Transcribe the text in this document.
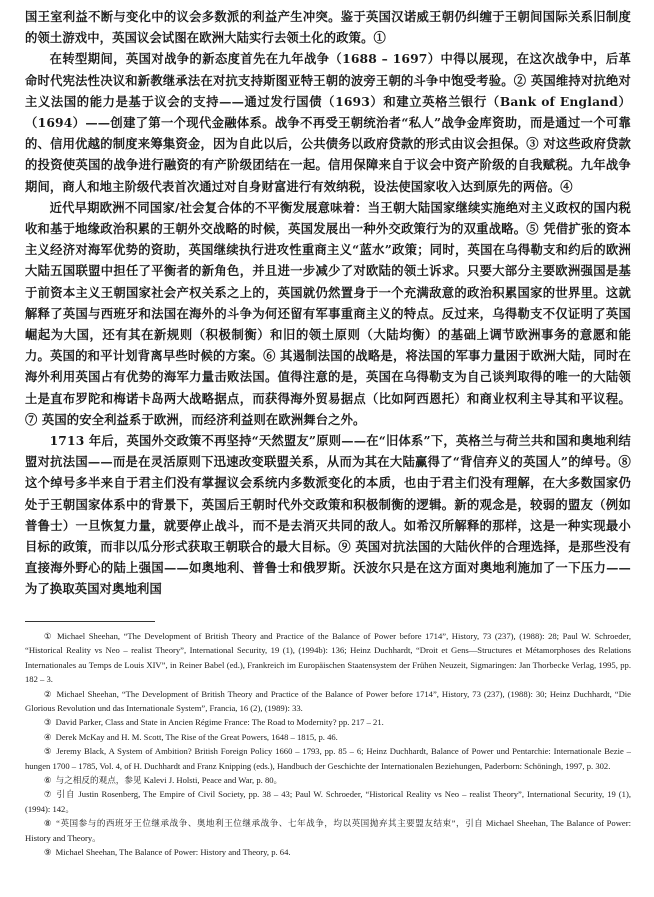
国王室利益不断与变化中的议会多数派的利益产生冲突。鉴于英国汉诺威王朝仍纠缠于王朝间国际关系旧制度的领土游戏中，英国议会试图在欧洲大陆实行去领土化的政策。①

在转型期间，英国对战争的新态度首先在九年战争（1688 – 1697）中得以展现，在这次战争中，后革命时代宪法性决议和新教继承法在对抗支持斯图亚特王朝的波旁王朝的斗争中饱受考验。② 英国维持对抗绝对主义法国的能力是基于议会的支持——通过发行国债（1693）和建立英格兰银行（Bank of England）（1694）——创建了第一个现代金融体系。战争不再受王朝统治者“私人”战争金库资助，而是通过一个可靠的、信用优越的制度来筹集资金，因为自此以后，公共债务以政府贷款的形式由议会担保。③ 对这些政府贷款的投资使英国的战争进行融资的有产阶级团结在一起。信用保障来自于议会中资产阶级的自我赋税。九年战争期间，商人和地主阶级代表首次通过对自身财富进行有效纳税，设法使国家收入达到原先的两倍。④

近代早期欧洲不同国家/社会复合体的不平衡发展意味着：当王朝大陆国家继续实施绝对主义政权的国内税收和基于地缘政治积累的王朝外交战略的时候，英国发展出一种外交政策行为的双重战略。⑤ 凭借扩张的资本主义经济对海军优势的资助，英国继续执行进攻性重商主义“蓝水”政策；同时，英国在乌得勒支和约后的欧洲大陆五国联盟中担任了平衡者的新角色，并且进一步减少了对欧陆的领土诉求。只要大部分主要欧洲强国是基于前资本主义王朝国家社会产权关系之上的，英国就仍然置身于一个充满敌意的政治积累国家的世界里。这就解释了英国与西班牙和法国在海外的斗争为何还留有军事重商主义的特点。反过来，乌得勒支不仅证明了英国崛起为大国，还有其在新规则（积极制衡）和旧的领土原则（大陆均衡）的基础上调节欧洲事务的意愿和能力。英国的和平计划背离早些时候的方案。⑥ 其遏制法国的战略是，将法国的军事力量困于欧洲大陆，同时在海外利用英国占有优势的海军力量击败法国。值得注意的是，英国在乌得勒支为自己谈判取得的唯一的大陆领土是直布罗陀和梅诺卡岛两大战略据点，而获得海外贸易据点（比如阿西恩托）和商业权利主导其和平议程。⑦ 英国的安全利益系于欧洲，而经济利益则在欧洲舞台之外。

1713 年后，英国外交政策不再坚持“天然盟友”原则——在“旧体系”下，英格兰与荷兰共和国和奥地利结盟对抗法国——而是在灵活原则下迅速改变联盟关系，从而为其在大陆赢得了“背信弃义的英国人”的绰号。⑧ 这个绰号多半来自于君主们没有掌握议会系统内多数派变化的本质，也由于君主们没有理解，在大多数国家仍处于王朝国家体系中的背景下，英国后王朝时代外交政策和积极制衡的逻辑。新的观念是，较弱的盟友（例如普鲁士）一旦恢复力量，就要停止战斗，而不是去消灭共同的敌人。如希汉所解释的那样，这是一种实现最小目标的政策，而非以瓜分形式获取王朝联合的最大目标。⑨ 英国对抗法国的大陆伙伴的合理选择，是那些没有直接海外野心的陆上强国——如奥地利、普鲁士和俄罗斯。沃波尔只是在这方面对奥地利施加了一下压力——为了换取英国对奥地利国

① Michael Sheehan, “The Development of British Theory and Practice of the Balance of Power before 1714”, History, 73 (237), (1988): 28; Paul W. Schroeder, “Historical Reality vs Neo – realist Theory”, International Security, 19 (1), (1994b): 136; Heinz Duchhardt, “Droit et Gens—Structures et Métamorphoses des Relations Internationales au Temps de Louis XIV”, in Reiner Babel (ed.), Frankreich im Europäischen Staatensystem der Frühen Neuzeit, Sigmaringen: Jan Thorbecke Verlag, 1995, pp. 182 – 3.

② Michael Sheehan, “The Development of British Theory and Practice of the Balance of Power before 1714”, History, 73 (237), (1988): 30; Heinz Duchhardt, “Die Glorious Revolution und das Internationale System”, Francia, 16 (2), (1989): 33.

③ David Parker, Class and State in Ancien Régime France: The Road to Modernity? pp. 217 – 21.

④ Derek McKay and H. M. Scott, The Rise of the Great Powers, 1648 – 1815, p. 46.

⑤ Jeremy Black, A System of Ambition? British Foreign Policy 1660 – 1793, pp. 85 – 6; Heinz Duchhardt, Balance of Power und Pentarchie: Internationale Bezie – hungen 1700 – 1785, Vol. 4, of H. Duchhardt and Franz Knipping (eds.), Handbuch der Geschichte der Internationalen Beziehungen, Paderborn: Schöningh, 1997, p. 302.

⑥ 与之相反的观点，参见 Kalevi J. Holsti, Peace and War, p. 80。

⑦ 引自 Justin Rosenberg, The Empire of Civil Society, pp. 38 – 43; Paul W. Schroeder, “Historical Reality vs Neo – realist Theory”, International Security, 19 (1), (1994): 142。

⑧ “英国参与的西班牙王位继承战争、奥地利王位继承战争、七年战争，均以英国抛弃其主要盟友结束”，引自 Michael Sheehan, The Balance of Power: History and Theory。

⑨ Michael Sheehan, The Balance of Power: History and Theory, p. 64.
